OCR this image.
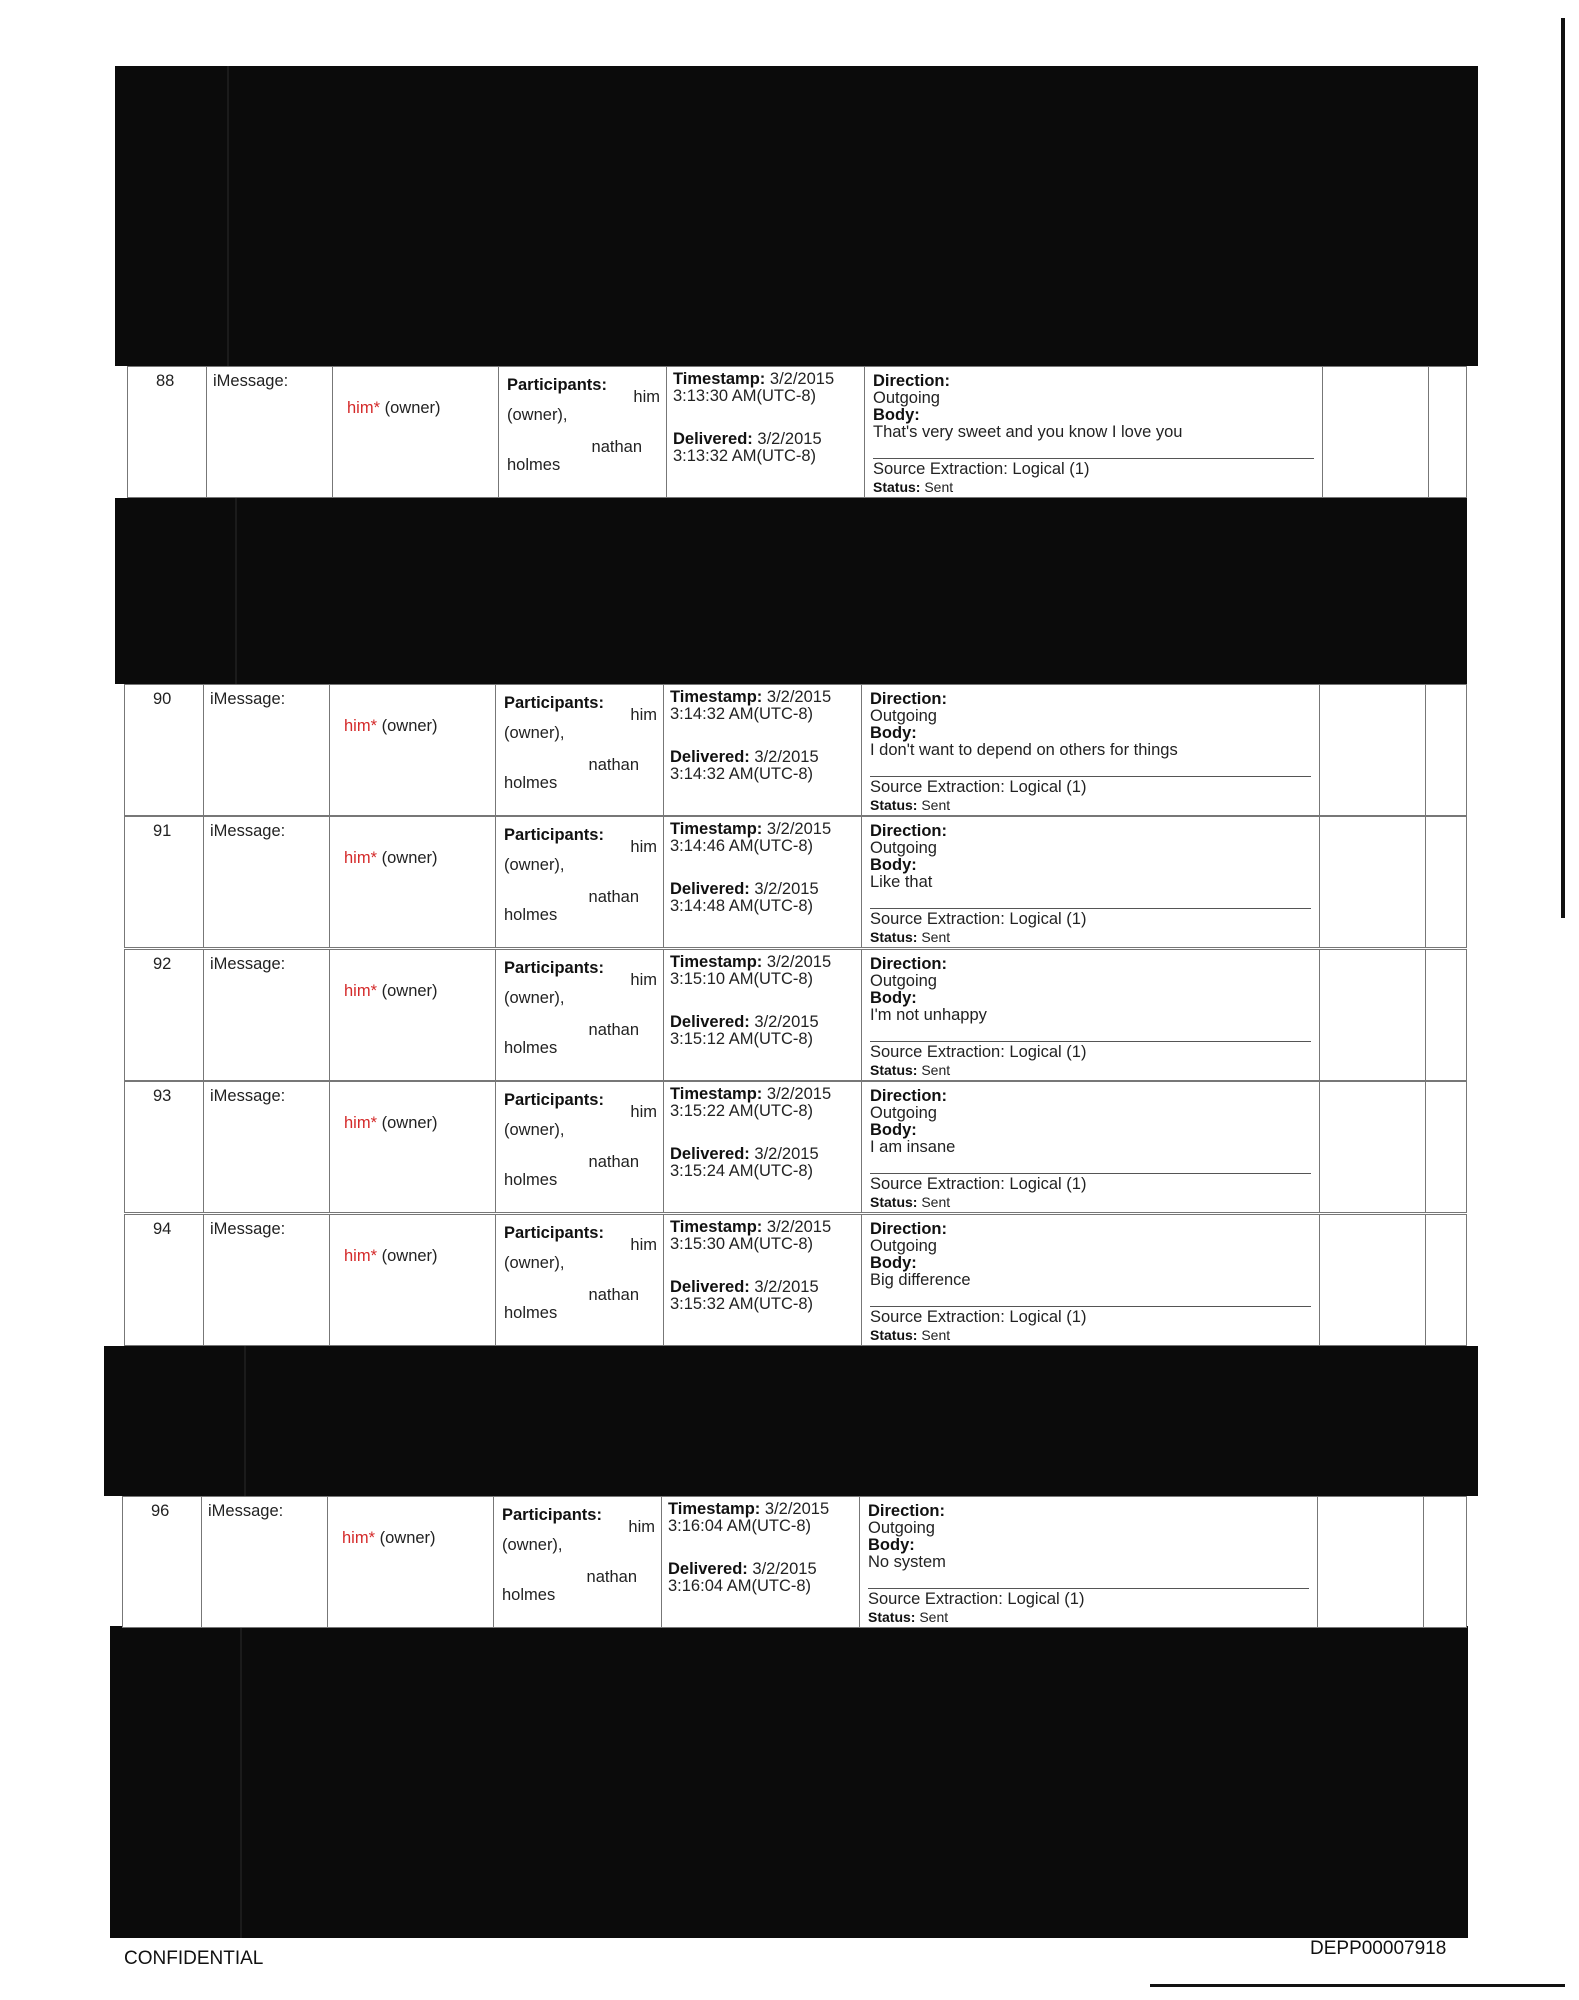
88 iMessage:
him* (owner)
Participants:
him
(owner),
nathan
holmes
Timestamp: 3/2/2015
3:13:30 AM(UTC-8)
Delivered: 3/2/2015
3:13:32 AM(UTC-8)
Direction:
Outgoing
Body:
That's very sweet and you know I love you
Source Extraction: Logical (1)
Status: Sent
90 iMessage:
him* (owner)
Participants:
him
(owner),
nathan
holmes
Timestamp: 3/2/2015
3:14:32 AM(UTC-8)
Delivered: 3/2/2015
3:14:32 AM(UTC-8)
Direction:
Outgoing
Body:
I don't want to depend on others for things
Source Extraction: Logical (1)
Status: Sent
91 iMessage:
him* (owner)
Participants:
him
(owner),
nathan
holmes
Timestamp: 3/2/2015
3:14:46 AM(UTC-8)
Delivered: 3/2/2015
3:14:48 AM(UTC-8)
Direction:
Outgoing
Body:
Like that
Source Extraction: Logical (1)
Status: Sent
92 iMessage:
him* (owner)
Participants:
him
(owner),
nathan
holmes
Timestamp: 3/2/2015
3:15:10 AM(UTC-8)
Delivered: 3/2/2015
3:15:12 AM(UTC-8)
Direction:
Outgoing
Body:
I'm not unhappy
Source Extraction: Logical (1)
Status: Sent
93 iMessage:
him* (owner)
Participants:
him
(owner),
nathan
holmes
Timestamp: 3/2/2015
3:15:22 AM(UTC-8)
Delivered: 3/2/2015
3:15:24 AM(UTC-8)
Direction:
Outgoing
Body:
I am insane
Source Extraction: Logical (1)
Status: Sent
94 iMessage:
him* (owner)
Participants:
him
(owner),
nathan
holmes
Timestamp: 3/2/2015
3:15:30 AM(UTC-8)
Delivered: 3/2/2015
3:15:32 AM(UTC-8)
Direction:
Outgoing
Body:
Big difference
Source Extraction: Logical (1)
Status: Sent
96 iMessage:
him* (owner)
Participants:
him
(owner),
nathan
holmes
Timestamp: 3/2/2015
3:16:04 AM(UTC-8)
Delivered: 3/2/2015
3:16:04 AM(UTC-8)
Direction:
Outgoing
Body:
No system
Source Extraction: Logical (1)
Status: Sent
CONFIDENTIAL	DEPP00007918
